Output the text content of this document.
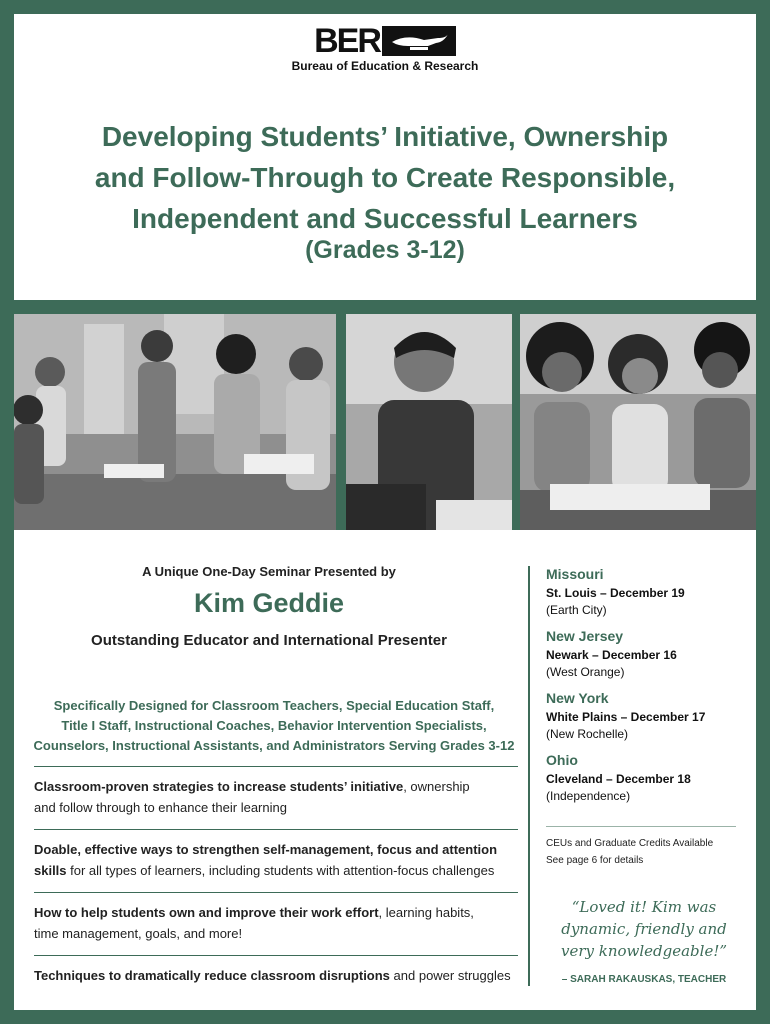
BER
Bureau of Education & Research
Developing Students’ Initiative, Ownership
and Follow-Through to Create Responsible,
Independent and Successful Learners
(Grades 3-12)
A Unique One-Day Seminar Presented by
Kim Geddie
Outstanding Educator and International Presenter
Specifically Designed for Classroom Teachers, Special Education Staff,
Title I Staff, Instructional Coaches, Behavior Intervention Specialists,
Counselors, Instructional Assistants, and Administrators Serving Grades 3-12
Classroom-proven strategies to increase students’ initiative, ownership
and follow through to enhance their learning
Doable, effective ways to strengthen self-management, focus and attention
skills for all types of learners, including students with attention-focus challenges
How to help students own and improve their work effort, learning habits,
time management, goals, and more!
Techniques to dramatically reduce classroom disruptions and power struggles
Missouri
St. Louis – December 19
(Earth City)
New Jersey
Newark – December 16
(West Orange)
New York
White Plains – December 17
(New Rochelle)
Ohio
Cleveland – December 18
(Independence)
CEUs and Graduate Credits Available
See page 6 for details
“Loved it! Kim was
dynamic, friendly and
very knowledgeable!”
– SARAH RAKAUSKAS, TEACHER
